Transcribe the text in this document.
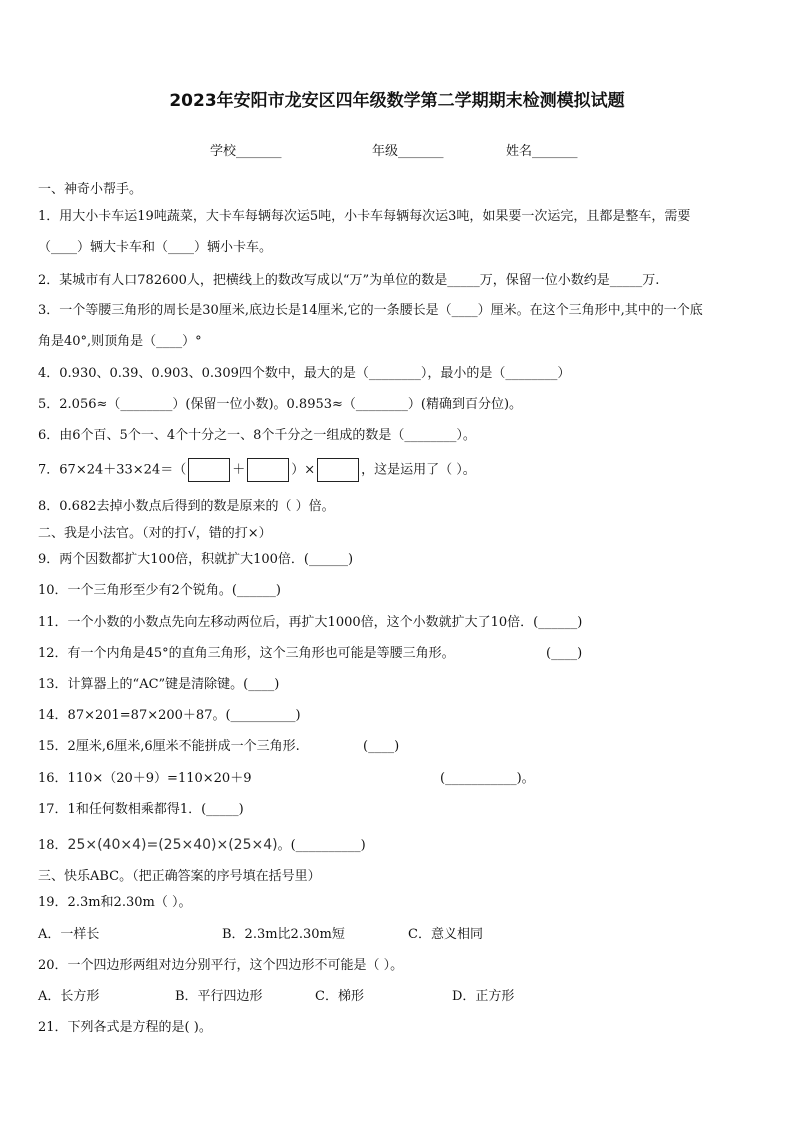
2023年安阳市龙安区四年级数学第二学期期末检测模拟试题
学校_______	年级_______	姓名_______
一、神奇小帮手。
1．用大小卡车运19吨蔬菜，大卡车每辆每次运5吨，小卡车每辆每次运3吨，如果要一次运完，且都是整车，需要
（____）辆大卡车和（____）辆小卡车。
2．某城市有人口782600人，把横线上的数改写成以“万”为单位的数是_____万，保留一位小数约是_____万.
3．一个等腰三角形的周长是30厘米,底边长是14厘米,它的一条腰长是（____）厘米。在这个三角形中,其中的一个底
角是40°,则顶角是（____）°
4．0.930、0.39、0.903、0.309四个数中，最大的是（________），最小的是（________）
5．2.056≈（________）(保留一位小数)。0.8953≈（________）(精确到百分位)。
6．由6个百、5个一、4个十分之一、8个千分之一组成的数是（________）。
7．67×24＋33×24＝（	＋	）×	，这是运用了（ ）。
8．0.682去掉小数点后得到的数是原来的（ ）倍。
二、我是小法官。（对的打√，错的打×）
9．两个因数都扩大100倍，积就扩大100倍．(______)
10．一个三角形至少有2个锐角。(______)
11．一个小数的小数点先向左移动两位后，再扩大1000倍，这个小数就扩大了10倍．(______)
12．有一个内角是45°的直角三角形，这个三角形也可能是等腰三角形。	(____)
13．计算器上的“AC”键是清除键。(____)
14．87×201=87×200＋87。(__________)
15．2厘米,6厘米,6厘米不能拼成一个三角形.	(____)
16．110×（20＋9）=110×20＋9	(___________)。
17．1和任何数相乘都得1．(_____)
18．25×(40×4)=(25×40)×(25×4)。(__________)
三、快乐ABC。（把正确答案的序号填在括号里）
19．2.3m和2.30m（ ）。
A．一样长	B．2.3m比2.30m短	C．意义相同
20．一个四边形两组对边分别平行，这个四边形不可能是（ ）。
A．长方形	B．平行四边形	C．梯形	D．正方形
21．下列各式是方程的是( )。
